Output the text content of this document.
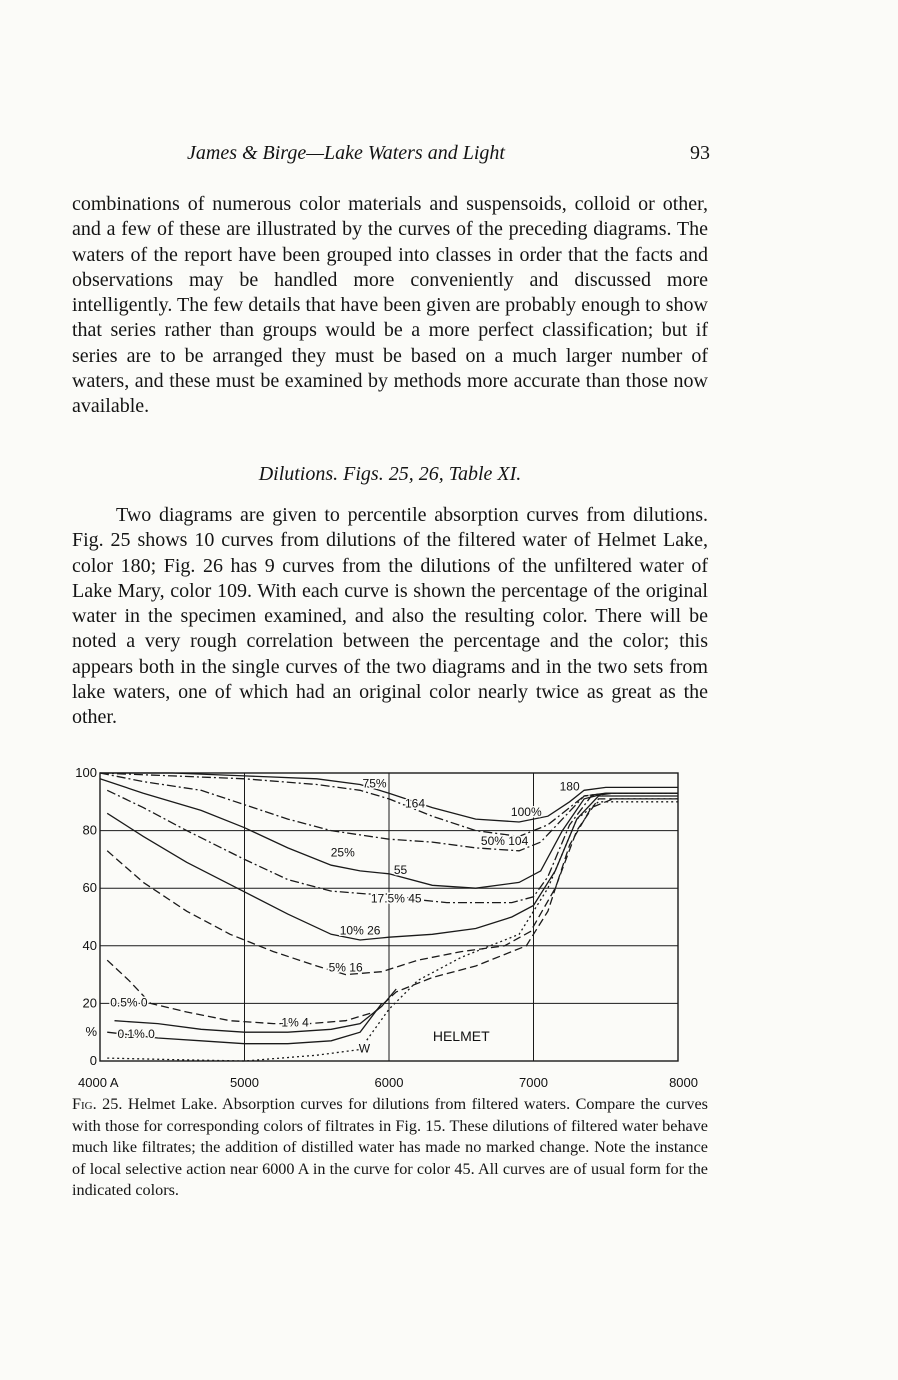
James & Birge—Lake Waters and Light	93

combinations of numerous color materials and suspensoids, colloid or other, and a few of these are illustrated by the curves of the preceding diagrams. The waters of the report have been grouped into classes in order that the facts and observations may be handled more conveniently and discussed more intelligently. The few details that have been given are probably enough to show that series rather than groups would be a more perfect classification; but if series are to be arranged they must be based on a much larger number of waters, and these must be examined by methods more accurate than those now available.

Dilutions. Figs. 25, 26, Table XI.

Two diagrams are given to percentile absorption curves from dilutions. Fig. 25 shows 10 curves from dilutions of the filtered water of Helmet Lake, color 180; Fig. 26 has 9 curves from the dilutions of the unfiltered water of Lake Mary, color 109. With each curve is shown the percentage of the original water in the specimen examined, and also the resulting color. There will be noted a very rough correlation between the percentage and the color; this appears both in the single curves of the two diagrams and in the two sets from lake waters, one of which had an original color nearly twice as great as the other.

4000 A	5000	6000	7000	8000
0
%
20
40
60
80
100
HELMET
100%
180
75%
164
50% 104
25%
55
17.5% 45
10% 26
5% 16
0.5% 0
1% 4
0.1% 0
W

Fig. 25. Helmet Lake. Absorption curves for dilutions from filtered waters. Compare the curves with those for corresponding colors of filtrates in Fig. 15. These dilutions of filtered water behave much like filtrates; the addition of distilled water has made no marked change. Note the instance of local selective action near 6000 A in the curve for color 45. All curves are of usual form for the indicated colors.
